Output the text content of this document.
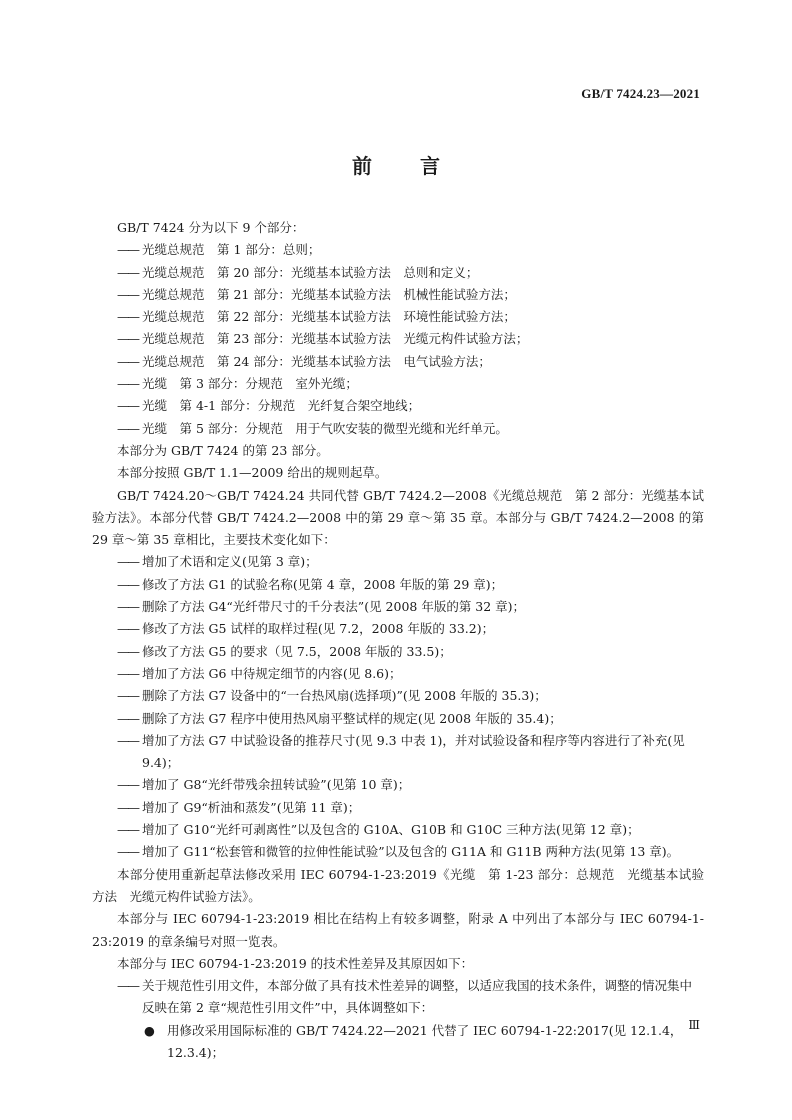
GB/T 7424.23—2021
前 言

GB/T 7424 分为以下 9 个部分：

—— 光缆总规范　第 1 部分：总则；

—— 光缆总规范　第 20 部分：光缆基本试验方法　总则和定义；

—— 光缆总规范　第 21 部分：光缆基本试验方法　机械性能试验方法；

—— 光缆总规范　第 22 部分：光缆基本试验方法　环境性能试验方法；

—— 光缆总规范　第 23 部分：光缆基本试验方法　光缆元构件试验方法；

—— 光缆总规范　第 24 部分：光缆基本试验方法　电气试验方法；

—— 光缆　第 3 部分：分规范　室外光缆；

—— 光缆　第 4-1 部分：分规范　光纤复合架空地线；

—— 光缆　第 5 部分：分规范　用于气吹安装的微型光缆和光纤单元。

本部分为 GB/T 7424 的第 23 部分。

本部分按照 GB/T 1.1—2009 给出的规则起草。

GB/T 7424.20～GB/T 7424.24 共同代替 GB/T 7424.2—2008《光缆总规范　第 2 部分：光缆基本试验方法》。本部分代替 GB/T 7424.2—2008 中的第 29 章～第 35 章。本部分与 GB/T 7424.2—2008 的第 29 章～第 35 章相比，主要技术变化如下：

—— 增加了术语和定义(见第 3 章)；

—— 修改了方法 G1 的试验名称(见第 4 章，2008 年版的第 29 章)；

—— 删除了方法 G4“光纤带尺寸的千分表法”(见 2008 年版的第 32 章)；

—— 修改了方法 G5 试样的取样过程(见 7.2，2008 年版的 33.2)；

—— 修改了方法 G5 的要求（见 7.5，2008 年版的 33.5)；

—— 增加了方法 G6 中待规定细节的内容(见 8.6)；

—— 删除了方法 G7 设备中的“一台热风扇(选择项)”(见 2008 年版的 35.3)；

—— 删除了方法 G7 程序中使用热风扇平整试样的规定(见 2008 年版的 35.4)；

—— 增加了方法 G7 中试验设备的推荐尺寸(见 9.3 中表 1)，并对试验设备和程序等内容进行了补充(见 9.4)；

—— 增加了 G8“光纤带残余扭转试验”(见第 10 章)；

—— 增加了 G9“析油和蒸发”(见第 11 章)；

—— 增加了 G10“光纤可剥离性”以及包含的 G10A、G10B 和 G10C 三种方法(见第 12 章)；

—— 增加了 G11“松套管和微管的拉伸性能试验”以及包含的 G11A 和 G11B 两种方法(见第 13 章)。

本部分使用重新起草法修改采用 IEC 60794-1-23:2019《光缆　第 1-23 部分：总规范　光缆基本试验方法　光缆元构件试验方法》。

本部分与 IEC 60794-1-23:2019 相比在结构上有较多调整，附录 A 中列出了本部分与 IEC 60794-1-23:2019 的章条编号对照一览表。

本部分与 IEC 60794-1-23:2019 的技术性差异及其原因如下：

—— 关于规范性引用文件，本部分做了具有技术性差异的调整，以适应我国的技术条件，调整的情况集中反映在第 2 章“规范性引用文件”中，具体调整如下：

● 用修改采用国际标准的 GB/T 7424.22—2021 代替了 IEC 60794-1-22:2017(见 12.1.4，12.3.4)；

Ⅲ
